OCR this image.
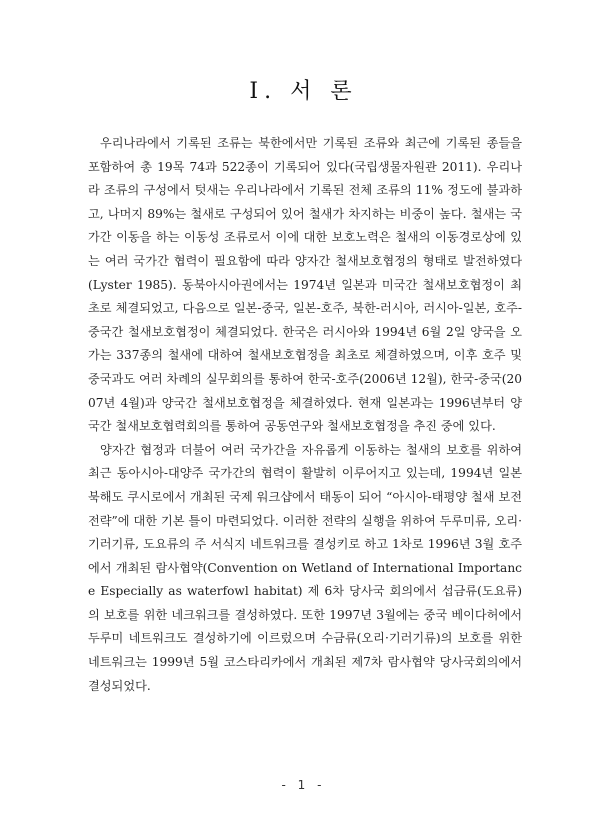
Ⅰ. 서 론

우리나라에서 기록된 조류는 북한에서만 기록된 조류와 최근에 기록된 종들을 포함하여 총 19목 74과 522종이 기록되어 있다(국립생물자원관 2011). 우리나라 조류의 구성에서 텃새는 우리나라에서 기록된 전체 조류의 11% 정도에 불과하고, 나머지 89%는 철새로 구성되어 있어 철새가 차지하는 비중이 높다. 철새는 국가간 이동을 하는 이동성 조류로서 이에 대한 보호노력은 철새의 이동경로상에 있는 여러 국가간 협력이 필요함에 따라 양자간 철새보호협정의 형태로 발전하였다(Lyster 1985). 동북아시아권에서는 1974년 일본과 미국간 철새보호협정이 최초로 체결되었고, 다음으로 일본-중국, 일본-호주, 북한-러시아, 러시아-일본, 호주-중국간 철새보호협정이 체결되었다. 한국은 러시아와 1994년 6월 2일 양국을 오가는 337종의 철새에 대하여 철새보호협정을 최초로 체결하였으며, 이후 호주 및 중국과도 여러 차례의 실무회의를 통하여 한국-호주(2006년 12월), 한국-중국(2007년 4월)과 양국간 철새보호협정을 체결하였다. 현재 일본과는 1996년부터 양국간 철새보호협력회의를 통하여 공동연구와 철새보호협정을 추진 중에 있다.

양자간 협정과 더불어 여러 국가간을 자유롭게 이동하는 철새의 보호를 위하여 최근 동아시아-대양주 국가간의 협력이 활발히 이루어지고 있는데, 1994년 일본 북해도 쿠시로에서 개최된 국제 워크샵에서 태동이 되어 “아시아-태평양 철새 보전전략”에 대한 기본 틀이 마련되었다. 이러한 전략의 실행을 위하여 두루미류, 오리·기러기류, 도요류의 주 서식지 네트워크를 결성키로 하고 1차로 1996년 3월 호주에서 개최된 람사협약(Convention on Wetland of International Importance Especially as waterfowl habitat) 제 6차 당사국 회의에서 섭금류(도요류)의 보호를 위한 네크워크를 결성하였다. 또한 1997년 3월에는 중국 베이다허에서 두루미 네트워크도 결성하기에 이르렀으며 수금류(오리·기러기류)의 보호를 위한 네트워크는 1999년 5월 코스타리카에서 개최된 제7차 람사협약 당사국회의에서 결성되었다.

- 1 -
